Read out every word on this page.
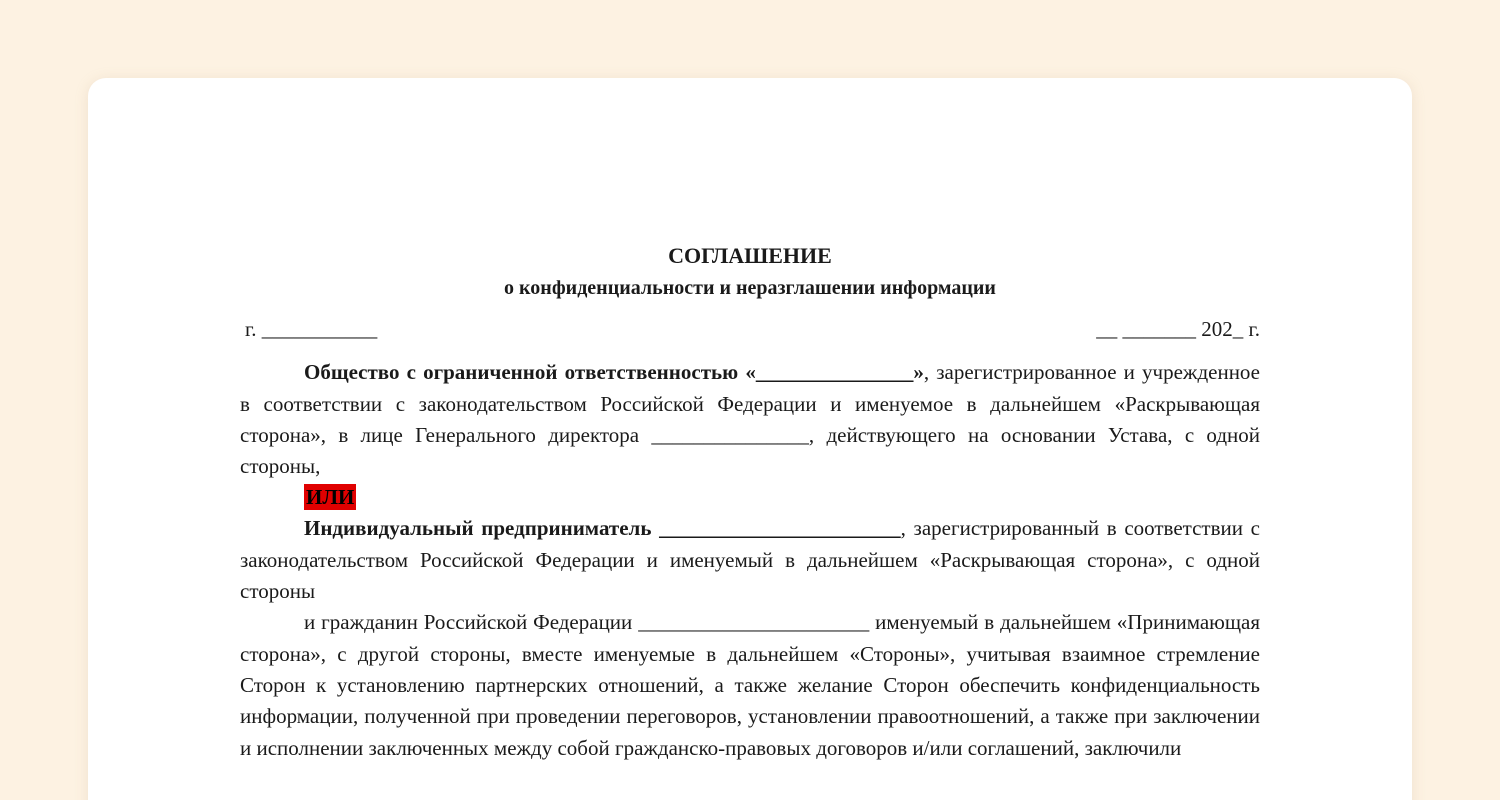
СОГЛАШЕНИЕ
о конфиденциальности и неразглашении информации
г. ___________	__ _______ 202_ г.
Общество с ограниченной ответственностью «_______________», зарегистрированное и учрежденное в соответствии с законодательством Российской Федерации и именуемое в дальнейшем «Раскрывающая сторона», в лице Генерального директора _______________, действующего на основании Устава, с одной стороны,
ИЛИ
Индивидуальный предприниматель _______________________, зарегистрированный в соответствии с законодательством Российской Федерации и именуемый в дальнейшем «Раскрывающая сторона», с одной стороны
и гражданин Российской Федерации ______________________ именуемый в дальнейшем «Принимающая сторона», с другой стороны, вместе именуемые в дальнейшем «Стороны», учитывая взаимное стремление Сторон к установлению партнерских отношений, а также желание Сторон обеспечить конфиденциальность информации, полученной при проведении переговоров, установлении правоотношений, а также при заключении и исполнении заключенных между собой гражданско-правовых договоров и/или соглашений, заключили
